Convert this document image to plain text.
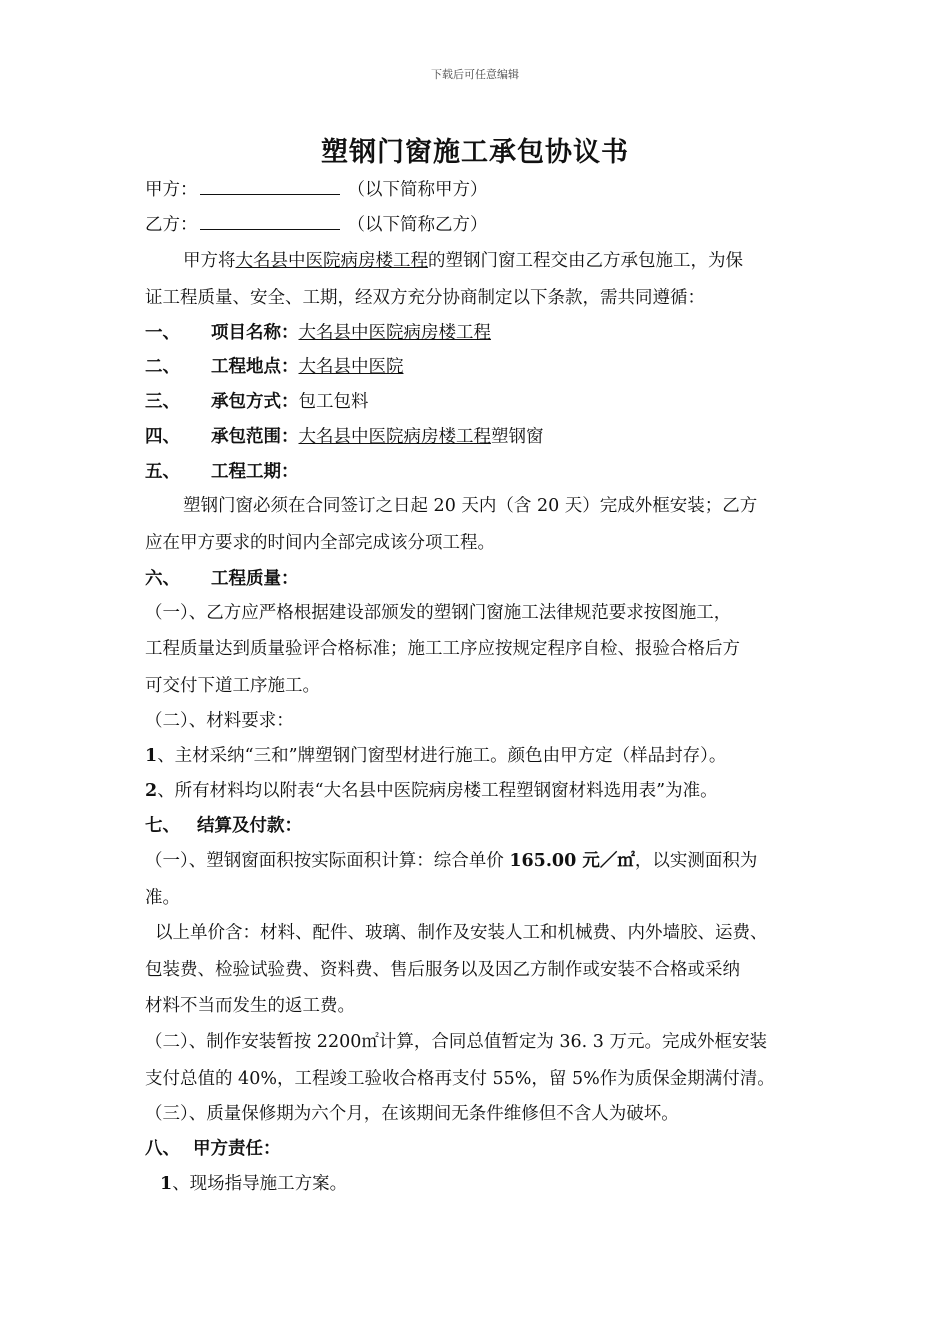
下载后可任意编辑
塑钢门窗施工承包协议书
甲方：	（以下简称甲方）
乙方：	（以下简称乙方）
甲方将大名县中医院病房楼工程的塑钢门窗工程交由乙方承包施工，为保
证工程质量、安全、工期，经双方充分协商制定以下条款，需共同遵循：
一、 项目名称：大名县中医院病房楼工程
二、 工程地点：大名县中医院
三、 承包方式：包工包料
四、 承包范围：大名县中医院病房楼工程塑钢窗
五、 工程工期：
塑钢门窗必须在合同签订之日起 20 天内（含 20 天）完成外框安装；乙方
应在甲方要求的时间内全部完成该分项工程。
六、 工程质量：
（一）、乙方应严格根据建设部颁发的塑钢门窗施工法律规范要求按图施工，
工程质量达到质量验评合格标准；施工工序应按规定程序自检、报验合格后方
可交付下道工序施工。
（二）、材料要求：
1、主材采纳“三和”牌塑钢门窗型材进行施工。颜色由甲方定（样品封存）。
2、所有材料均以附表“大名县中医院病房楼工程塑钢窗材料选用表”为准。
七、 结算及付款：
（一）、塑钢窗面积按实际面积计算：综合单价 165.00 元／㎡，以实测面积为
准。
以上单价含：材料、配件、玻璃、制作及安装人工和机械费、内外墙胶、运费、
包装费、检验试验费、资料费、售后服务以及因乙方制作或安装不合格或采纳
材料不当而发生的返工费。
（二）、制作安装暂按 2200㎡计算，合同总值暂定为 36. 3 万元。完成外框安装
支付总值的 40%，工程竣工验收合格再支付 55%，留 5%作为质保金期满付清。
（三）、质量保修期为六个月，在该期间无条件维修但不含人为破坏。
八、 甲方责任：
1、现场指导施工方案。
